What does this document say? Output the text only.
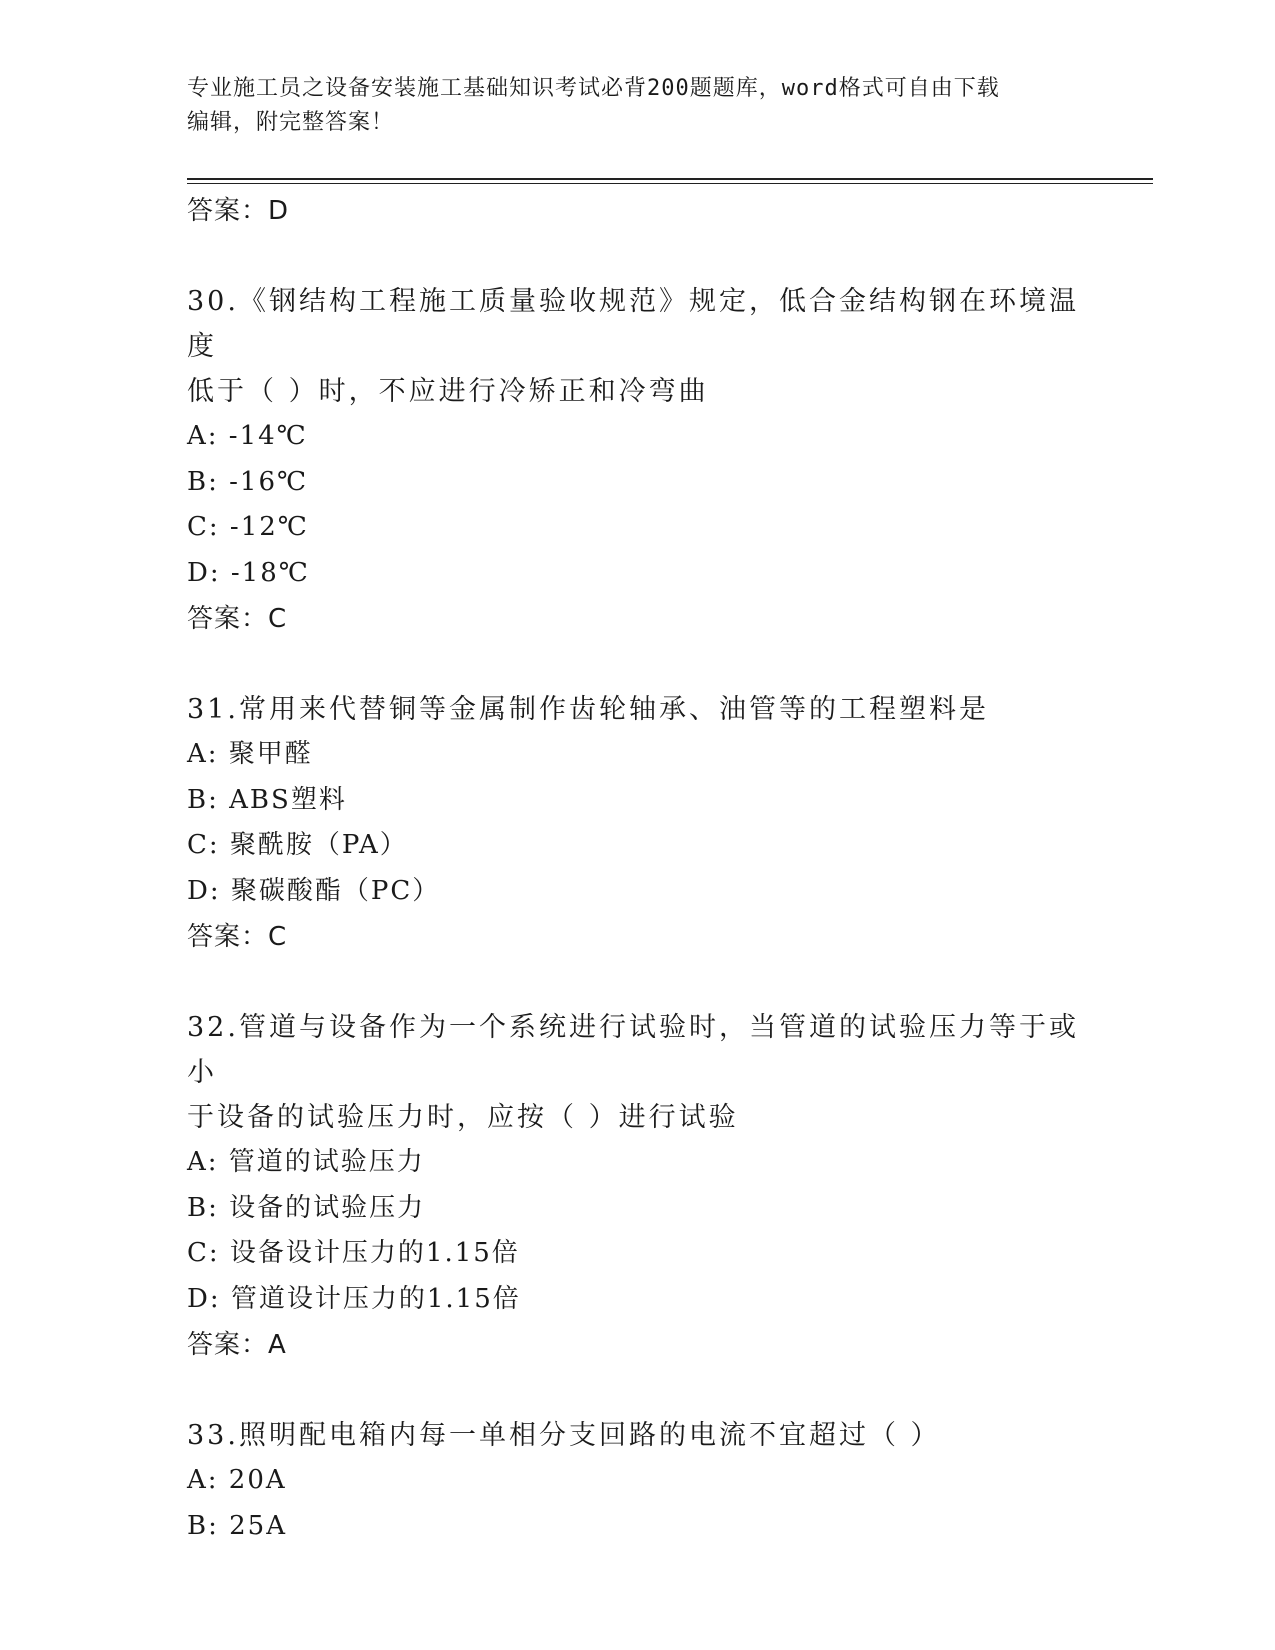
专业施工员之设备安装施工基础知识考试必背200题题库，word格式可自由下载
编辑，附完整答案！
答案：D
30.《钢结构工程施工质量验收规范》规定，低合金结构钢在环境温度
低于（ ）时，不应进行冷矫正和冷弯曲
A: -14℃
B: -16℃
C: -12℃
D: -18℃
答案：C
31.常用来代替铜等金属制作齿轮轴承、油管等的工程塑料是
A: 聚甲醛
B: ABS塑料
C: 聚酰胺（PA）
D: 聚碳酸酯（PC）
答案：C
32.管道与设备作为一个系统进行试验时，当管道的试验压力等于或小
于设备的试验压力时，应按（ ）进行试验
A: 管道的试验压力
B: 设备的试验压力
C: 设备设计压力的1.15倍
D: 管道设计压力的1.15倍
答案：A
33.照明配电箱内每一单相分支回路的电流不宜超过（ ）
A: 20A
B: 25A
